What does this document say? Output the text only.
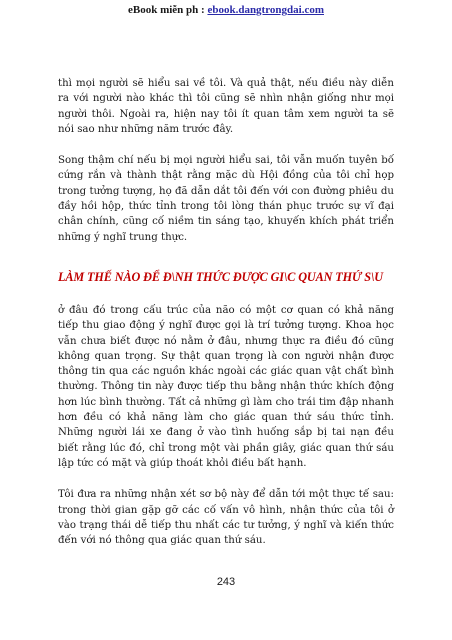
eBook miễn ph : ebook.dangtrongdai.com

thì mọi người sẽ hiểu sai về tôi. Và quả thật, nếu điều này diễn ra với người nào khác thì tôi cũng sẽ nhìn nhận giống như mọi người thôi. Ngoài ra, hiện nay tôi ít quan tâm xem người ta sẽ nói sao như những năm trước đây.

Song thậm chí nếu bị mọi người hiểu sai, tôi vẫn muốn tuyên bố cứng rắn và thành thật rằng mặc dù Hội đồng của tôi chỉ họp trong tưởng tượng, họ đã dẫn dắt tôi đến với con đường phiêu du đầy hồi hộp, thức tỉnh trong tôi lòng thán phục trước sự vĩ đại chân chính, cũng cố niềm tin sáng tạo, khuyến khích phát triển những ý nghĩ trung thực.

LÀM THẾ NÀO ĐỂ Đ\NH THỨC ĐƯỢC GI\C QUAN THỨ S\U

ở đâu đó trong cấu trúc của não có một cơ quan có khả năng tiếp thu giao động ý nghĩ được gọi là trí tưởng tượng. Khoa học vẫn chưa biết được nó nằm ở đâu, nhưng thực ra điều đó cũng không quan trọng. Sự thật quan trọng là con người nhận được thông tin qua các nguồn khác ngoài các giác quan vật chất bình thường. Thông tin này được tiếp thu bằng nhận thức khích động hơn lúc bình thường. Tất cả những gì làm cho trái tim đập nhanh hơn đều có khả năng làm cho giác quan thứ sáu thức tỉnh. Những người lái xe đang ở vào tình huống sắp bị tai nạn đều biết rằng lúc đó, chỉ trong một vài phần giây, giác quan thứ sáu lập tức có mặt và giúp thoát khỏi điều bất hạnh.

Tôi đưa ra những nhận xét sơ bộ này để dẫn tới một thực tế sau: trong thời gian gặp gỡ các cố vấn vô hình, nhận thức của tôi ở vào trạng thái dễ tiếp thu nhất các tư tưởng, ý nghĩ và kiến thức đến với nó thông qua giác quan thứ sáu.

243
